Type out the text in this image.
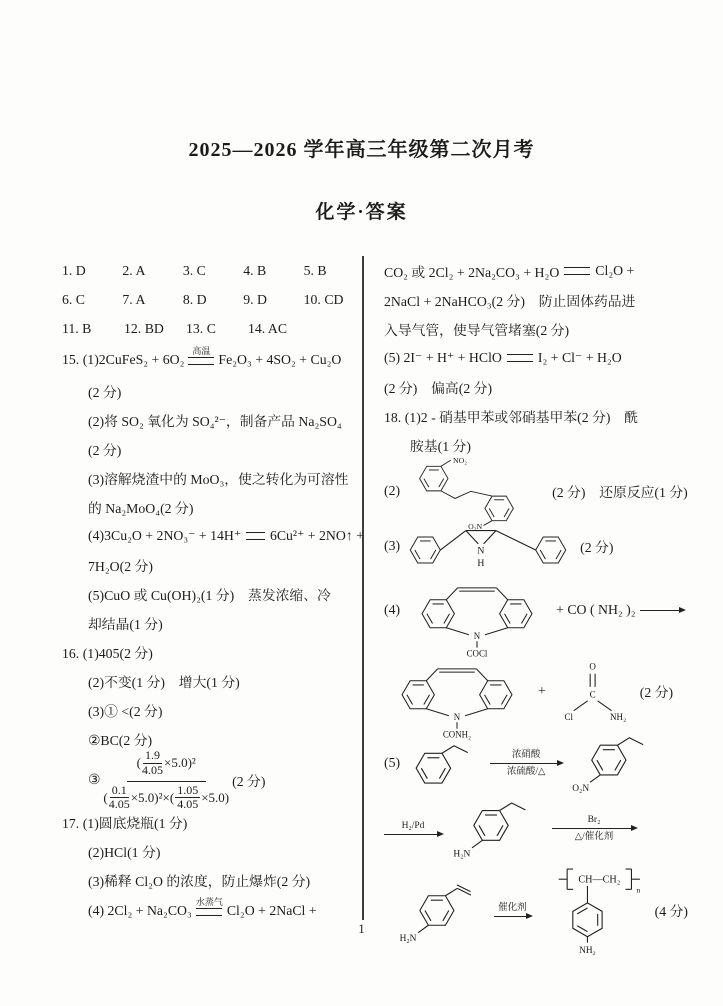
2025—2026 学年高三年级第二次月考
化学·答案
1. D	2. A	3. C	4. B	5. B
6. C	7. A	8. D	9. D	10. CD
11. B	12. BD	13. C	14. AC
15. (1)2CuFeS₂ + 6O₂
高温
Fe₂O₃ + 4SO₂ + Cu₂O
(2 分)
(2)将 SO₂ 氧化为 SO₄²⁻，制备产品 Na₂SO₄
(2 分)
(3)溶解烧渣中的 MoO₃，使之转化为可溶性
的 Na₂MoO₄(2 分)
(4)3Cu₂O + 2NO₃⁻ + 14H⁺ 6Cu²⁺ + 2NO↑ +
7H₂O(2 分)
(5)CuO 或 Cu(OH)₂(1 分)　蒸发浓缩、冷
却结晶(1 分)
16. (1)405(2 分)
(2)不变(1 分)　增大(1 分)
(3)① <(2 分)
②BC(2 分)
③
( $\frac{1.9}{4.05} \times 5.0)^2$
( $\frac{0.1}{4.05} \times 5.0)^2\times( \frac{1.05}{4.05} \times 5.0)$
(2 分)
17. (1)圆底烧瓶(1 分)
(2)HCl(1 分)
(3)稀释 Cl₂O 的浓度，防止爆炸(2 分)
(4) 2Cl₂ + Na₂CO₃
水蒸气
Cl₂O + 2NaCl +
CO₂ 或 2Cl₂ + 2Na₂CO₃ + H₂O	Cl₂O +
2NaCl + 2NaHCO₃(2 分)　防止固体药品进
入导气管，使导气管堵塞(2 分)
(5) 2I⁻ + H⁺ + HClO	I₂ + Cl⁻ + H₂O
(2 分)　偏高(2 分)
18. (1)2 - 硝基甲苯或邻硝基甲苯(2 分)　酰
胺基(1 分)
(2)
NO₂
O₂N
(2 分)　还原反应(1 分)
(3)	N
H
(2 分)
(4)
N
COCl
+ CO ( NH₂ )₂ →
N
CONH₂
+
O
C
Cl	NH₂
(2 分)
(5)
浓硝酸
浓硫酸/△
O₂N
H₂/Pd
H₂N
Br₂
△/催化剂
H₂N
催化剂
CH—CH₂
n
NH₂
(4 分)
1
